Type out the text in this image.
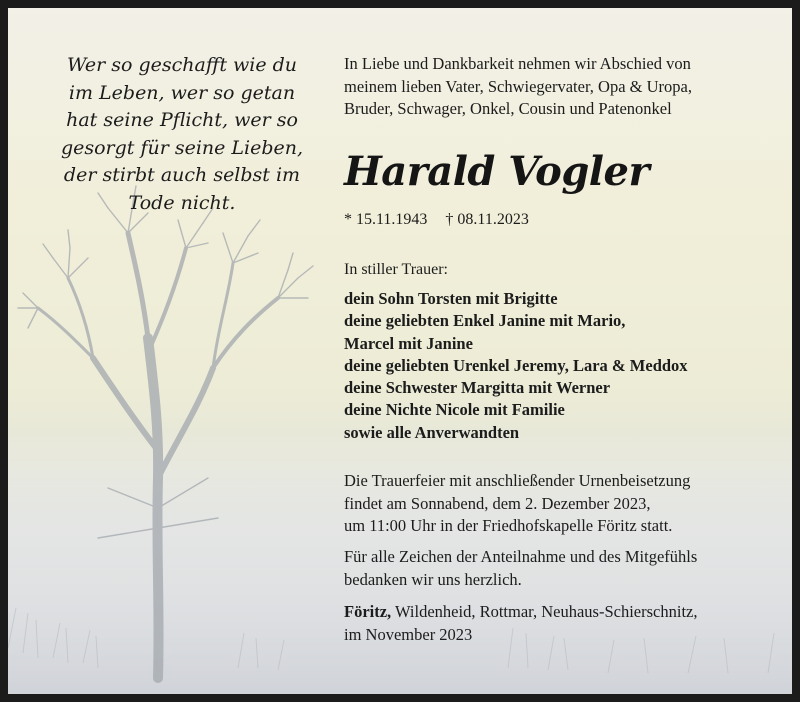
Wer so geschafft wie du
im Leben, wer so getan
hat seine Pflicht, wer so
gesorgt für seine Lieben,
der stirbt auch selbst im
Tode nicht.
In Liebe und Dankbarkeit nehmen wir Abschied von
meinem lieben Vater, Schwiegervater, Opa & Uropa,
Bruder, Schwager, Onkel, Cousin und Patenonkel
Harald Vogler
* 15.11.1943 † 08.11.2023
In stiller Trauer:
dein Sohn Torsten mit Brigitte
deine geliebten Enkel Janine mit Mario,
Marcel mit Janine
deine geliebten Urenkel Jeremy, Lara & Meddox
deine Schwester Margitta mit Werner
deine Nichte Nicole mit Familie
sowie alle Anverwandten
Die Trauerfeier mit anschließender Urnenbeisetzung
findet am Sonnabend, dem 2. Dezember 2023,
um 11:00 Uhr in der Friedhofskapelle Föritz statt.
Für alle Zeichen der Anteilnahme und des Mitgefühls
bedanken wir uns herzlich.
Föritz, Wildenheid, Rottmar, Neuhaus-Schierschnitz,
im November 2023
